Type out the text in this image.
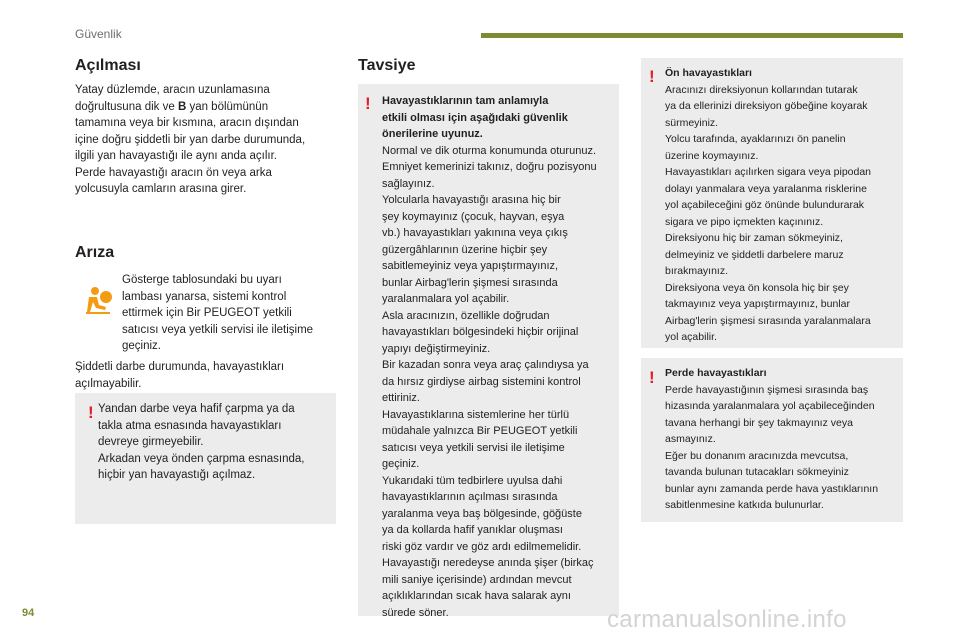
Güvenlik
Açılması

Yatay düzlemde, aracın uzunlamasına

doğrultusuna dik ve B yan bölümünün

tamamına veya bir kısmına, aracın dışından

içine doğru şiddetli bir yan darbe durumunda,

ilgili yan havayastığı ile aynı anda açılır.

Perde havayastığı aracın ön veya arka

yolcusuyla camların arasına girer.

Arıza

Gösterge tablosundaki bu uyarı

lambası yanarsa, sistemi kontrol

ettirmek için Bir PEUGEOT yetkili

satıcısı veya yetkili servisi ile iletişime

geçiniz.

Şiddetli darbe durumunda, havayastıkları

açılmayabilir.

! Yandan darbe veya hafif çarpma ya da

takla atma esnasında havayastıkları

devreye girmeyebilir.

Arkadan veya önden çarpma esnasında,

hiçbir yan havayastığı açılmaz.

Tavsiye
! Havayastıklarının tam anlamıyla
etkili olması için aşağıdaki güvenlik
önerilerine uyunuz.
Normal ve dik oturma konumunda oturunuz.
Emniyet kemerinizi takınız, doğru pozisyonu
sağlayınız.
Yolcularla havayastığı arasına hiç bir
şey koymayınız (çocuk, hayvan, eşya
vb.) havayastıkları yakınına veya çıkış
güzergâhlarının üzerine hiçbir şey
sabitlemeyiniz veya yapıştırmayınız,
bunlar Airbag'lerin şişmesi sırasında
yaralanmalara yol açabilir.
Asla aracınızın, özellikle doğrudan
havayastıkları bölgesindeki hiçbir orijinal
yapıyı değiştirmeyiniz.
Bir kazadan sonra veya araç çalındıysa ya
da hırsız girdiyse airbag sistemini kontrol
ettiriniz.
Havayastıklarına sistemlerine her türlü
müdahale yalnızca Bir PEUGEOT yetkili
satıcısı veya yetkili servisi ile iletişime
geçiniz.
Yukarıdaki tüm tedbirlere uyulsa dahi
havayastıklarının açılması sırasında
yaralanma veya baş bölgesinde, göğüste
ya da kollarda hafif yanıklar oluşması
riski göz vardır ve göz ardı edilmemelidir.
Havayastığı neredeyse anında şişer (birkaç
mili saniye içerisinde) ardından mevcut
açıklıklarından sıcak hava salarak aynı
sürede söner.
! Ön havayastıkları
Aracınızı direksiyonun kollarından tutarak
ya da ellerinizi direksiyon göbeğine koyarak
sürmeyiniz.
Yolcu tarafında, ayaklarınızı ön panelin
üzerine koymayınız.
Havayastıkları açılırken sigara veya pipodan
dolayı yanmalara veya yaralanma risklerine
yol açabileceğini göz önünde bulundurarak
sigara ve pipo içmekten kaçınınız.
Direksiyonu hiç bir zaman sökmeyiniz,
delmeyiniz ve şiddetli darbelere maruz
bırakmayınız.
Direksiyona veya ön konsola hiç bir şey
takmayınız veya yapıştırmayınız, bunlar
Airbag'lerin şişmesi sırasında yaralanmalara
yol açabilir.
! Perde havayastıkları
Perde havayastığının şişmesi sırasında baş
hizasında yaralanmalara yol açabileceğinden
tavana herhangi bir şey takmayınız veya
asmayınız.
Eğer bu donanım aracınızda mevcutsa,
tavanda bulunan tutacakları sökmeyiniz
bunlar aynı zamanda perde hava yastıklarının
sabitlenmesine katkıda bulunurlar.
94	carmanualsonline.info
